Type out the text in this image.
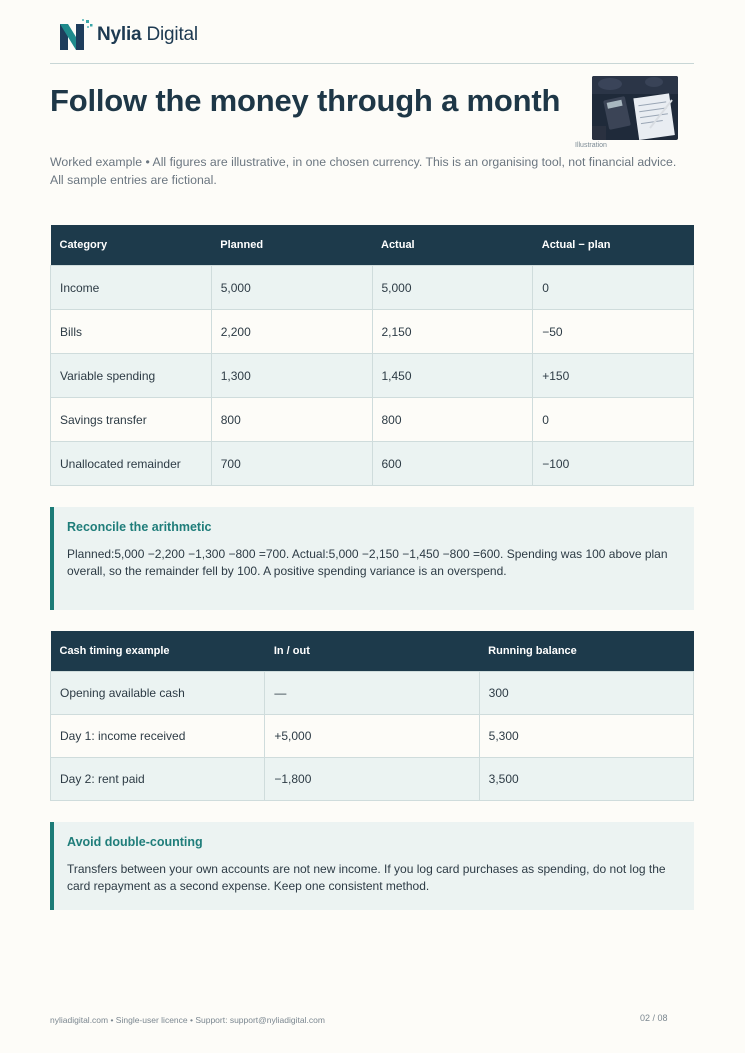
Nylia Digital
Follow the money through a month
Illustration

Worked example • All figures are illustrative, in one chosen currency. This is an organising tool, not financial advice. All sample entries are fictional.

Category	Planned	Actual	Actual − plan
Income	5,000	5,000	0
Bills	2,200	2,150	−50
Variable spending	1,300	1,450	+150
Savings transfer	800	800	0
Unallocated remainder	700	600	−100
Reconcile the arithmetic

Planned:5,000 −2,200 −1,300 −800 =700. Actual:5,000 −2,150 −1,450 −800 =600. Spending was 100 above plan overall, so the remainder fell by 100. A positive spending variance is an overspend.

Cash timing example	In / out	Running balance
Opening available cash	—	300
Day 1: income received	+5,000	5,300
Day 2: rent paid	−1,800	3,500
Avoid double-counting

Transfers between your own accounts are not new income. If you log card purchases as spending, do not log the card repayment as a second expense. Keep one consistent method.

nyliadigital.com • Single-user licence • Support: support@nyliadigital.com	02 / 08
